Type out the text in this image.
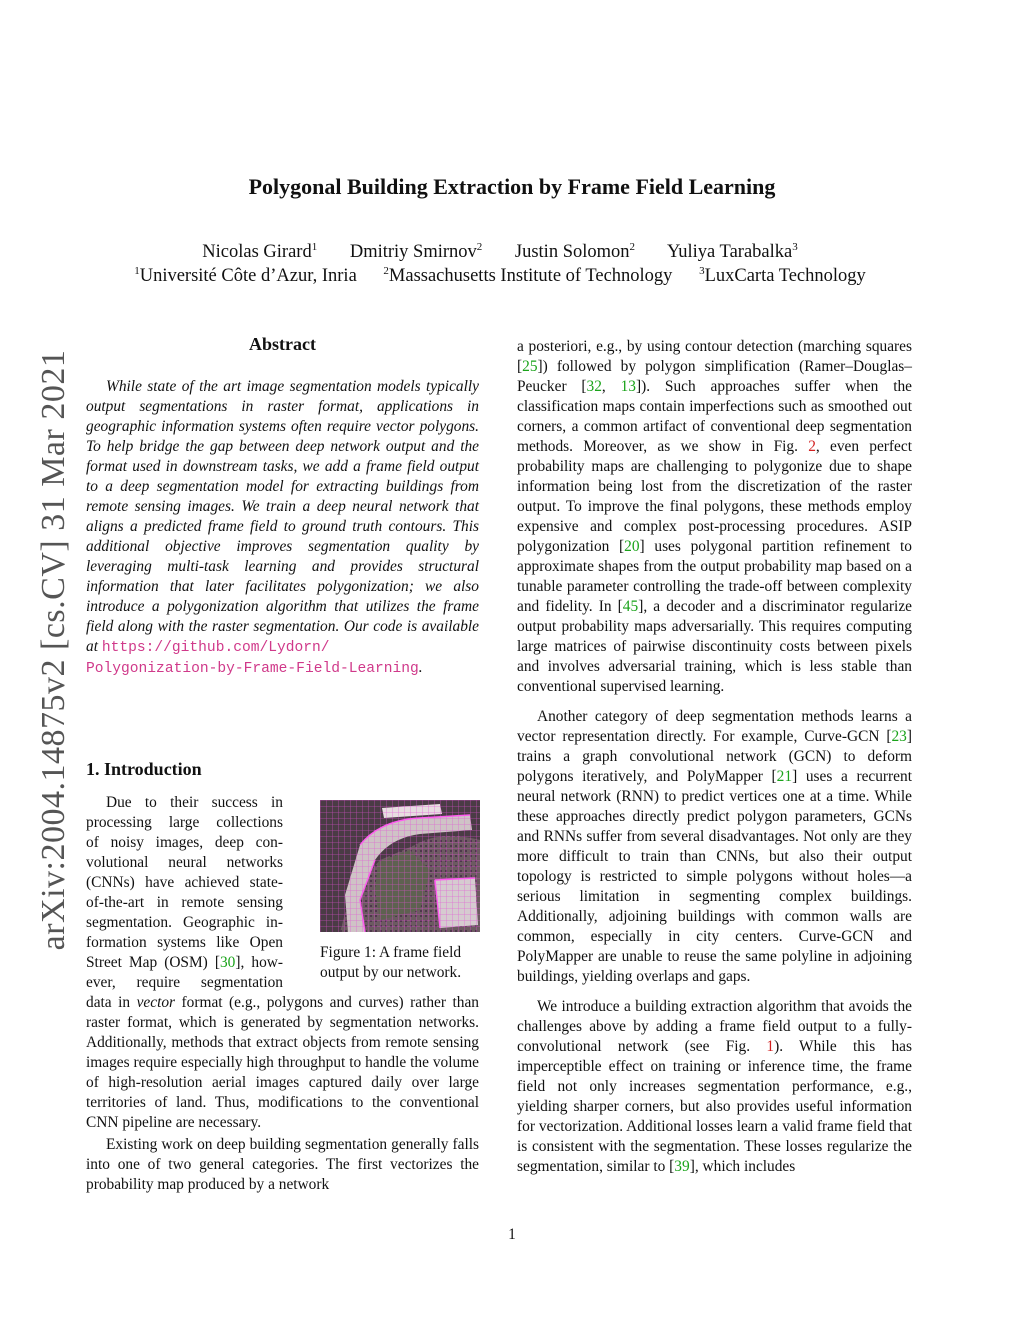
arXiv:2004.14875v2 [cs.CV] 31 Mar 2021
Polygonal Building Extraction by Frame Field Learning
Nicolas Girard$^1$ Dmitriy Smirnov$^2$ Justin Solomon$^2$ Yuliya Tarabalka$^3$
$^1$Université Côte d’Azur, Inria $^2$Massachusetts Institute of Technology $^3$LuxCarta Technology
Abstract

While state of the art image segmentation models typically output segmentations in raster format, applications in geographic information systems often require vector polygons. To help bridge the gap between deep network output and the format used in downstream tasks, we add a frame field output to a deep segmentation model for extracting buildings from remote sensing images. We train a deep neural network that aligns a predicted frame field to ground truth contours. This additional objective improves segmentation quality by leveraging multi-task learning and provides structural information that later facilitates polygonization; we also introduce a polygonization algorithm that utilizes the frame field along with the raster segmentation. Our code is available at https://github.com/Lydorn/
Polygonization-by-Frame-Field-Learning.

1. Introduction
Due to their success in
processing large collections
of noisy images, deep con-
volutional neural networks
(CNNs) have achieved state-
of-the-art in remote sensing
segmentation. Geographic in-
formation systems like Open
Street Map (OSM) [30], how-
ever, require segmentation

data in vector format (e.g., polygons and curves) rather than raster format, which is generated by segmentation networks. Additionally, methods that extract objects from remote sensing images require especially high throughput to handle the volume of high-resolution aerial images captured daily over large territories of land. Thus, modifications to the conventional CNN pipeline are necessary.

Existing work on deep building segmentation generally falls into one of two general categories. The first vectorizes the probability map produced by a network

Figure 1: A frame field output by our network.

a posteriori, e.g., by using contour detection (marching squares [25]) followed by polygon simplification (Ramer–Douglas–Peucker [32, 13]). Such approaches suffer when the classification maps contain imperfections such as smoothed out corners, a common artifact of conventional deep segmentation methods. Moreover, as we show in Fig. 2, even perfect probability maps are challenging to polygonize due to shape information being lost from the discretization of the raster output. To improve the final polygons, these methods employ expensive and complex post-processing procedures. ASIP polygonization [20] uses polygonal partition refinement to approximate shapes from the output probability map based on a tunable parameter controlling the trade-off between complexity and fidelity. In [45], a decoder and a discriminator regularize output probability maps adversarially. This requires computing large matrices of pairwise discontinuity costs between pixels and involves adversarial training, which is less stable than conventional supervised learning.

Another category of deep segmentation methods learns a vector representation directly. For example, Curve-GCN [23] trains a graph convolutional network (GCN) to deform polygons iteratively, and PolyMapper [21] uses a recurrent neural network (RNN) to predict vertices one at a time. While these approaches directly predict polygon parameters, GCNs and RNNs suffer from several disadvantages. Not only are they more difficult to train than CNNs, but also their output topology is restricted to simple polygons without holes—a serious limitation in segmenting complex buildings. Additionally, adjoining buildings with common walls are common, especially in city centers. Curve-GCN and PolyMapper are unable to reuse the same polyline in adjoining buildings, yielding overlaps and gaps.

We introduce a building extraction algorithm that avoids the challenges above by adding a frame field output to a fully-convolutional network (see Fig. 1). While this has imperceptible effect on training or inference time, the frame field not only increases segmentation performance, e.g., yielding sharper corners, but also provides useful information for vectorization. Additional losses learn a valid frame field that is consistent with the segmentation. These losses regularize the segmentation, similar to [39], which includes

1
